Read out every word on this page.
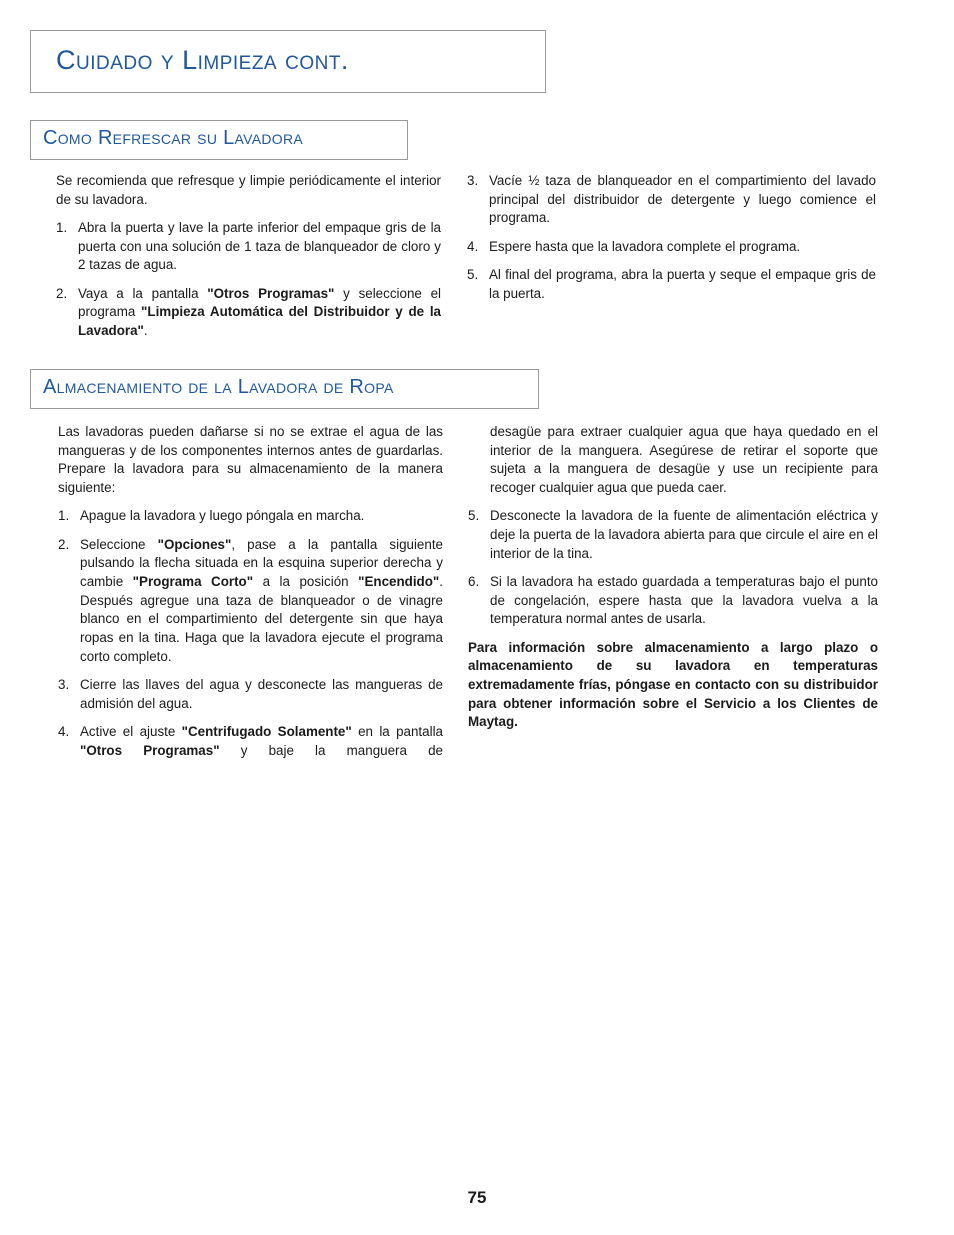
Cuidado y Limpieza cont.
Como Refrescar su Lavadora

Se recomienda que refresque y limpie periódicamente el interior de su lavadora.

1. Abra la puerta y lave la parte inferior del empaque gris de la puerta con una solución de 1 taza de blanqueador de cloro y 2 tazas de agua.
2. Vaya a la pantalla "Otros Programas" y seleccione el programa "Limpieza Automática del Distribuidor y de la Lavadora".
3. Vacíe ½ taza de blanqueador en el compartimiento del lavado principal del distribuidor de detergente y luego comience el programa.
4. Espere hasta que la lavadora complete el programa.
5. Al final del programa, abra la puerta y seque el empaque gris de la puerta.
Almacenamiento de la Lavadora de Ropa

Las lavadoras pueden dañarse si no se extrae el agua de las mangueras y de los componentes internos antes de guardarlas. Prepare la lavadora para su almacenamiento de la manera siguiente:

1. Apague la lavadora y luego póngala en marcha.
2. Seleccione "Opciones", pase a la pantalla siguiente pulsando la flecha situada en la esquina superior derecha y cambie "Programa Corto" a la posición "Encendido". Después agregue una taza de blanqueador o de vinagre blanco en el compartimiento del detergente sin que haya ropas en la tina. Haga que la lavadora ejecute el programa corto completo.
3. Cierre las llaves del agua y desconecte las mangueras de admisión del agua.
4. Active el ajuste "Centrifugado Solamente" en la pantalla "Otros Programas" y baje la manguera de
desagüe para extraer cualquier agua que haya quedado en el interior de la manguera. Asegúrese de retirar el soporte que sujeta a la manguera de desagüe y use un recipiente para recoger cualquier agua que pueda caer.
5. Desconecte la lavadora de la fuente de alimentación eléctrica y deje la puerta de la lavadora abierta para que circule el aire en el interior de la tina.
6. Si la lavadora ha estado guardada a temperaturas bajo el punto de congelación, espere hasta que la lavadora vuelva a la temperatura normal antes de usarla.

Para información sobre almacenamiento a largo plazo o almacenamiento de su lavadora en temperaturas extremadamente frías, póngase en contacto con su distribuidor para obtener información sobre el Servicio a los Clientes de Maytag.

75
